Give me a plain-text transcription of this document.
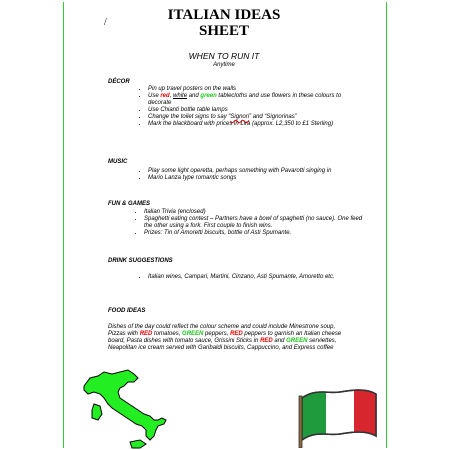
/	ITALIAN IDEAS
SHEET
WHEN TO RUN IT
Anytime
DÉCOR
• Pin up travel posters on the walls
• Use red, white and green tablecloths and use flowers in these colours to decorate
• Use Chianti bottle table lamps
• Change the toilet signs to say “Signori” and “Signorinas”
• Mark the blackboard with prices in Lira (approx. L2,350 to £1 Sterling)
MUSIC
• Play some light operetta, perhaps something with Pavarotti singing in
• Mario Lanza type romantic songs
FUN & GAMES
• Italian Trivia (enclosed)
• Spaghetti eating contest – Partners have a bowl of spaghetti (no sauce). One feed the other using a fork. First couple to finish wins.
• Prizes: Tin of Amoretti biscuits, bottle of Asti Spumante.
DRINK SUGGESTIONS
• Italian wines, Campari, Martini, Cinzano, Asti Spumante, Amoretto etc.
FOOD IDEAS
Dishes of the day could reflect the colour scheme and could include Minestrone soup, Pizzas with RED tomatoes, GREEN peppers, RED peppers to garnish an Italian cheese board, Pasta dishes with tomato sauce, Grissini Sticks in RED and GREEN serviettes, Neapolitan ice cream served with Garibaldi biscuits, Cappuccino, and Express coffee
